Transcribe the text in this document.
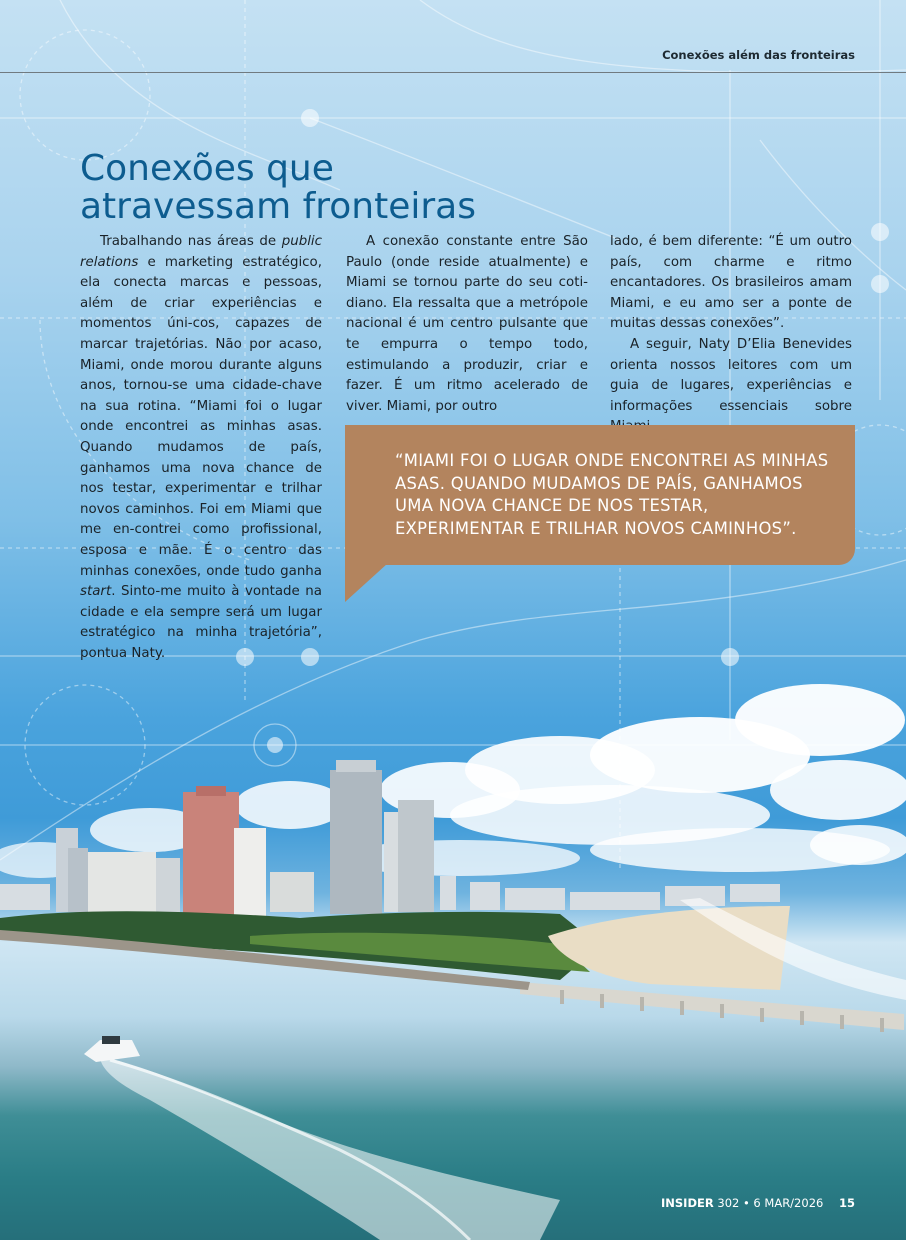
Conexões além das fronteiras
Conexões que
atravessam fronteiras

Trabalhando nas áreas de public relations e marketing estratégico, ela conecta marcas e pessoas, além de criar experiências e momentos úni-cos, capazes de marcar trajetórias. Não por acaso, Miami, onde morou durante alguns anos, tornou-se uma cidade-chave na sua rotina. “Miami foi o lugar onde encontrei as minhas asas. Quando mudamos de país, ganhamos uma nova chance de nos testar, experimentar e trilhar novos caminhos. Foi em Miami que me en-contrei como profissional, esposa e mãe. É o centro das minhas conexões, onde tudo ganha start. Sinto-me muito à vontade na cidade e ela sempre será um lugar estratégico na minha trajetória”, pontua Naty.

A conexão constante entre São Paulo (onde reside atualmente) e Miami se tornou parte do seu coti-diano. Ela ressalta que a metrópole nacional é um centro pulsante que te empurra o tempo todo, estimulando a produzir, criar e fazer. É um ritmo acelerado de viver. Miami, por outro

lado, é bem diferente: “É um outro país, com charme e ritmo encantadores. Os brasileiros amam Miami, e eu amo ser a ponte de muitas dessas conexões”.

A seguir, Naty D’Elia Benevides orienta nossos leitores com um guia de lugares, experiências e informações essenciais sobre

“MIAMI FOI O LUGAR ONDE ENCONTREI AS MINHAS ASAS. QUANDO MUDAMOS DE PAÍS, GANHAMOS UMA NOVA CHANCE DE NOS TESTAR, EXPERIMENTAR E TRILHAR NOVOS CAMINHOS”.
INSIDER 302 • 6 MAR/2026 15
